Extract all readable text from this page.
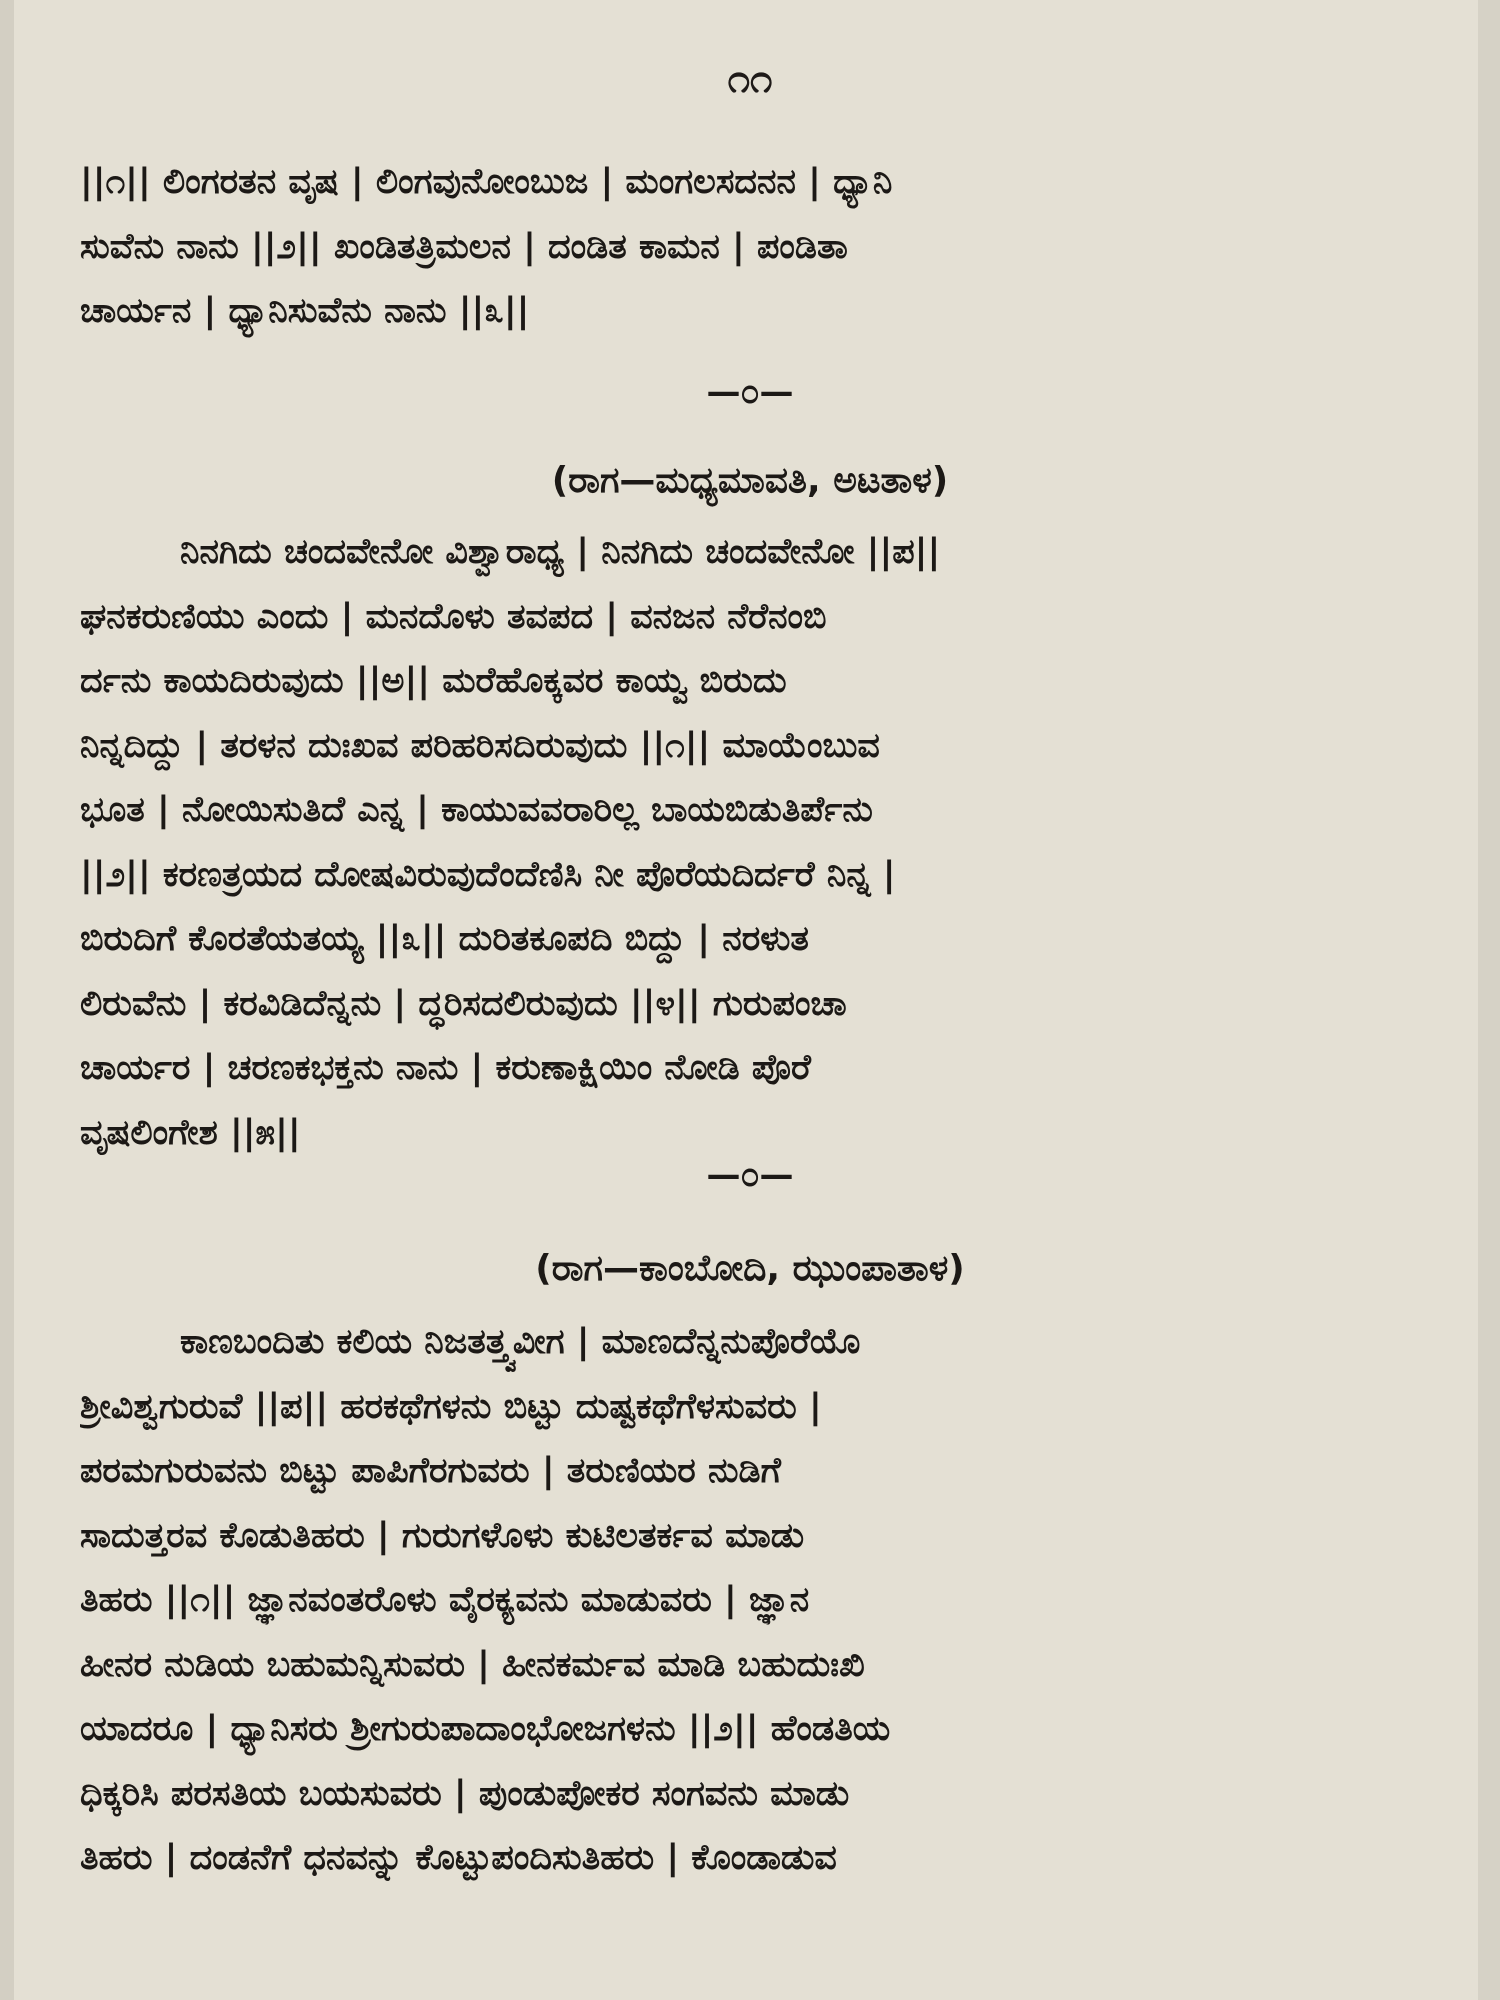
೧೧
||೧|| ಲಿಂಗರತನ ವೃಷ | ಲಿಂಗವುನೋಂಬುಜ | ಮಂಗಲಸದನನ | ಧ್ಯಾನಿ
ಸುವೆನು ನಾನು ||೨|| ಖಂಡಿತತ್ರಿಮಲನ | ದಂಡಿತ ಕಾಮನ | ಪಂಡಿತಾ
ಚಾರ್ಯನ | ಧ್ಯಾನಿಸುವೆನು ನಾನು ||೩||
—೦—
(ರಾಗ—ಮಧ್ಯಮಾವತಿ, ಅಟತಾಳ)
ನಿನಗಿದು ಚಂದವೇನೋ ವಿಶ್ವಾರಾಧ್ಯ | ನಿನಗಿದು ಚಂದವೇನೋ ||ಪ||
ಘನಕರುಣಿಯು ಎಂದು | ಮನದೊಳು ತವಪದ | ವನಜನ ನೆರೆನಂಬಿ
ರ್ದನು ಕಾಯದಿರುವುದು ||ಅ|| ಮರೆಹೊಕ್ಕವರ ಕಾಯ್ವ ಬಿರುದು
ನಿನ್ನದಿದ್ದು | ತರಳನ ದುಃಖವ ಪರಿಹರಿಸದಿರುವುದು ||೧|| ಮಾಯೆಂಬುವ
ಭೂತ | ನೋಯಿಸುತಿದೆ ಎನ್ನ | ಕಾಯುವವರಾರಿಲ್ಲ ಬಾಯಬಿಡುತಿರ್ಪೆನು
||೨|| ಕರಣತ್ರಯದ ದೋಷವಿರುವುದೆಂದೆಣಿಸಿ ನೀ ಪೊರೆಯದಿರ್ದರೆ ನಿನ್ನ |
ಬಿರುದಿಗೆ ಕೊರತೆಯತಯ್ಯ ||೩|| ದುರಿತಕೂಪದಿ ಬಿದ್ದು | ನರಳುತ
ಲಿರುವೆನು | ಕರವಿಡಿದೆನ್ನನು | ದ್ಧರಿಸದಲಿರುವುದು ||೪|| ಗುರುಪಂಚಾ
ಚಾರ್ಯರ | ಚರಣಕಭಕ್ತನು ನಾನು | ಕರುಣಾಕ್ಷಿಯಿಂ ನೋಡಿ ಪೊರೆ
ವೃಷಲಿಂಗೇಶ ||೫||
—೦—
(ರಾಗ—ಕಾಂಬೋದಿ, ಝುಂಪಾತಾಳ)
ಕಾಣಬಂದಿತು ಕಲಿಯ ನಿಜತತ್ತ್ವವೀಗ | ಮಾಣದೆನ್ನನುಪೊರೆಯೊ
ಶ್ರೀವಿಶ್ವಗುರುವೆ ||ಪ|| ಹರಕಥೆಗಳನು ಬಿಟ್ಟು ದುಷ್ಟಕಥೆಗೆಳಸುವರು |
ಪರಮಗುರುವನು ಬಿಟ್ಟು ಪಾಪಿಗೆರಗುವರು | ತರುಣಿಯರ ನುಡಿಗೆ
ಸಾದುತ್ತರವ ಕೊಡುತಿಹರು | ಗುರುಗಳೊಳು ಕುಟಿಲತರ್ಕವ ಮಾಡು
ತಿಹರು ||೧|| ಜ್ಞಾನವಂತರೊಳು ವೈರಕ್ಯವನು ಮಾಡುವರು | ಜ್ಞಾನ
ಹೀನರ ನುಡಿಯ ಬಹುಮನ್ನಿಸುವರು | ಹೀನಕರ್ಮವ ಮಾಡಿ ಬಹುದುಃಖಿ
ಯಾದರೂ | ಧ್ಯಾನಿಸರು ಶ್ರೀಗುರುಪಾದಾಂಭೋಜಗಳನು ||೨|| ಹೆಂಡತಿಯ
ಧಿಕ್ಕರಿಸಿ ಪರಸತಿಯ ಬಯಸುವರು | ಪುಂಡುಪೋಕರ ಸಂಗವನು ಮಾಡು
ತಿಹರು | ದಂಡನೆಗೆ ಧನವನ್ನು ಕೊಟ್ಟುಪಂದಿಸುತಿಹರು | ಕೊಂಡಾಡುವ
